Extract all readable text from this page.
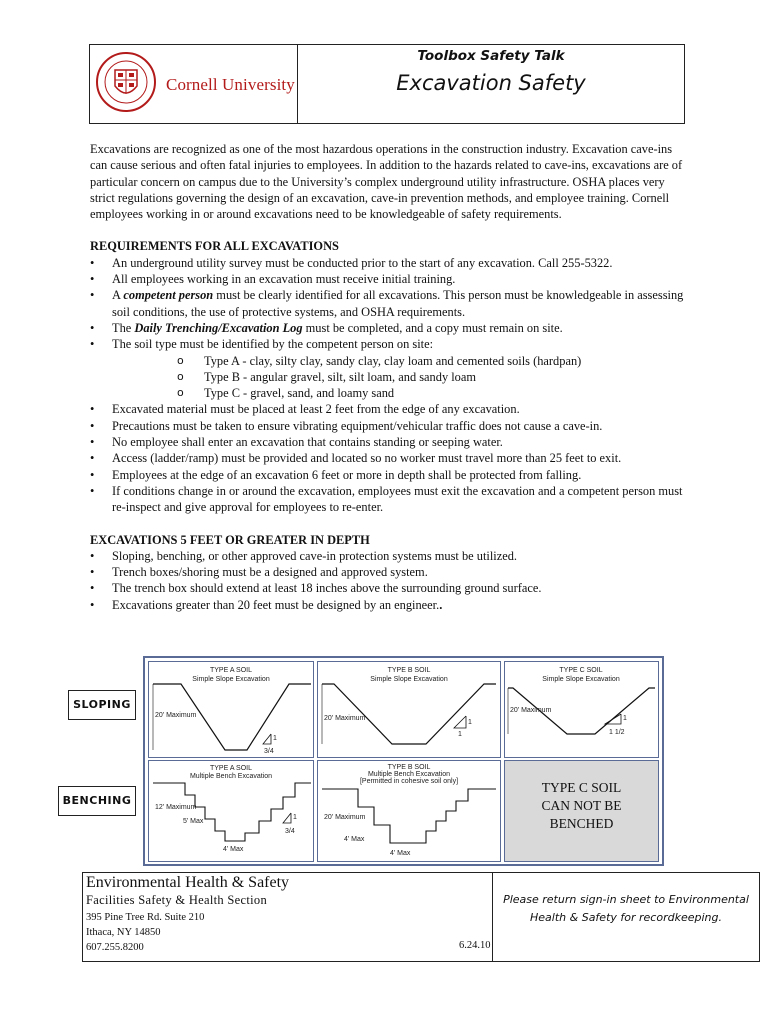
Cornell University
Toolbox Safety Talk
Excavation Safety
Excavations are recognized as one of the most hazardous operations in the construction industry. Excavation cave-ins can cause serious and often fatal injuries to employees. In addition to the hazards related to cave-ins, excavations are of particular concern on campus due to the University’s complex underground utility infrastructure. OSHA places very strict regulations governing the design of an excavation, cave-in prevention methods, and employee training. Cornell employees working in or around excavations need to be knowledgeable of safety requirements.
REQUIREMENTS FOR ALL EXCAVATIONS
• An underground utility survey must be conducted prior to the start of any excavation. Call 255-5322.
• All employees working in an excavation must receive initial training.
• A competent person must be clearly identified for all excavations. This person must be knowledgeable in assessing soil conditions, the use of protective systems, and OSHA requirements.
• The Daily Trenching/Excavation Log must be completed, and a copy must remain on site.
• The soil type must be identified by the competent person on site:
o Type A - clay, silty clay, sandy clay, clay loam and cemented soils (hardpan)
o Type B - angular gravel, silt, silt loam, and sandy loam
o Type C - gravel, sand, and loamy sand
• Excavated material must be placed at least 2 feet from the edge of any excavation.
• Precautions must be taken to ensure vibrating equipment/vehicular traffic does not cause a cave-in.
• No employee shall enter an excavation that contains standing or seeping water.
• Access (ladder/ramp) must be provided and located so no worker must travel more than 25 feet to exit.
• Employees at the edge of an excavation 6 feet or more in depth shall be protected from falling.
• If conditions change in or around the excavation, employees must exit the excavation and a competent person must re-inspect and give approval for employees to re-enter.
EXCAVATIONS 5 FEET OR GREATER IN DEPTH
• Sloping, benching, or other approved cave-in protection systems must be utilized.
• Trench boxes/shoring must be a designed and approved system.
• The trench box should extend at least 18 inches above the surrounding ground surface.
• Excavations greater than 20 feet must be designed by an engineer..
SLOPING
BENCHING
TYPE A SOIL
Simple Slope Excavation
20' Maximum
1
3/4
TYPE B SOIL
Simple Slope Excavation
20' Maximum
1
1
TYPE C SOIL
Simple Slope Excavation
20' Maximum
1
1 1/2
TYPE A SOIL
Multiple Bench Excavation
12' Maximum
5' Max
4' Max
1
3/4
TYPE B SOIL
Multiple Bench Excavation
[Permitted in cohesive soil only]
20' Maximum
4' Max
4' Max
TYPE C SOIL CAN NOT BE BENCHED
Environmental Health & Safety
Facilities Safety & Health Section
395 Pine Tree Rd. Suite 210
Ithaca, NY 14850
607.255.8200	6.24.10
Please return sign-in sheet to Environmental Health & Safety for recordkeeping.
